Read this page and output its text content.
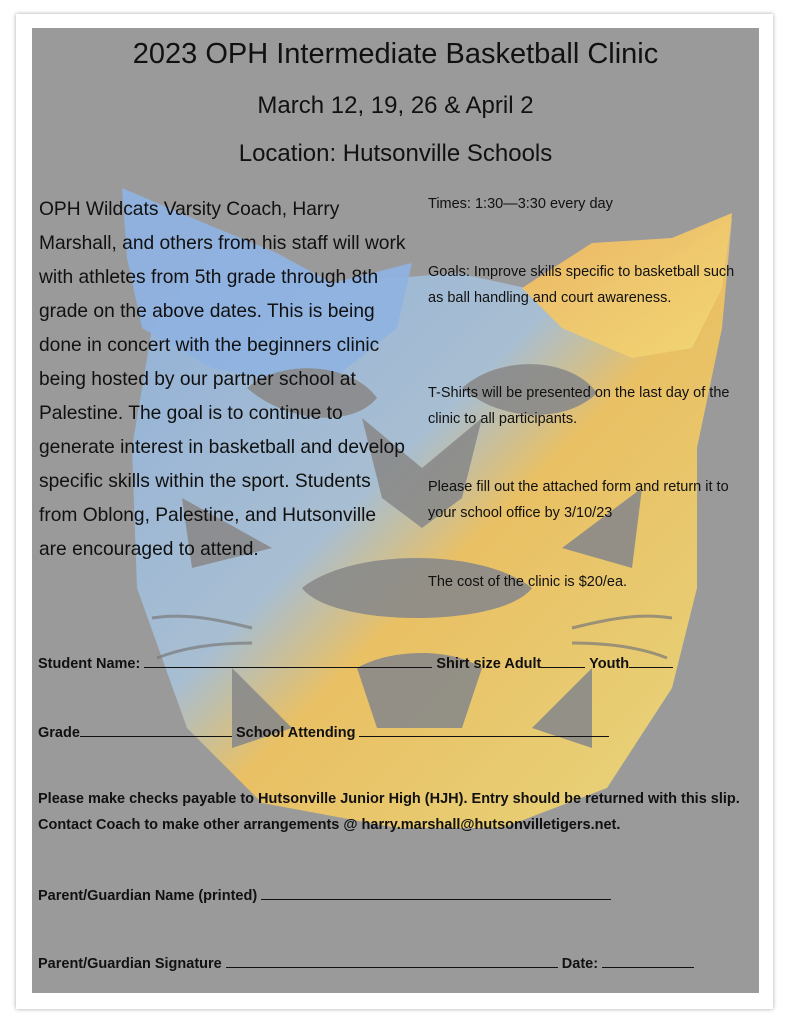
2023 OPH Intermediate Basketball Clinic
March 12, 19, 26 & April 2
Location: Hutsonville Schools
OPH Wildcats Varsity Coach, Harry Marshall, and others from his staff will work with athletes from 5th grade through 8th grade on the above dates. This is being done in concert with the beginners clinic being hosted by our partner school at Palestine. The goal is to continue to generate interest in basketball and develop specific skills within the sport. Students from Oblong, Palestine, and Hutsonville are encouraged to attend.
Times: 1:30—3:30 every day
Goals: Improve skills specific to basketball such as ball handling and court awareness.
T-Shirts will be presented on the last day of the clinic to all participants.
Please fill out the attached form and return it to your school office by 3/10/23
The cost of the clinic is $20/ea.
Student Name:	Shirt size Adult	Youth
Grade	School Attending
Please make checks payable to Hutsonville Junior High (HJH). Entry should be returned with this slip. Contact Coach to make other arrangements @ harry.marshall@hutsonvilletigers.net.
Parent/Guardian Name (printed)
Parent/Guardian Signature	Date:
